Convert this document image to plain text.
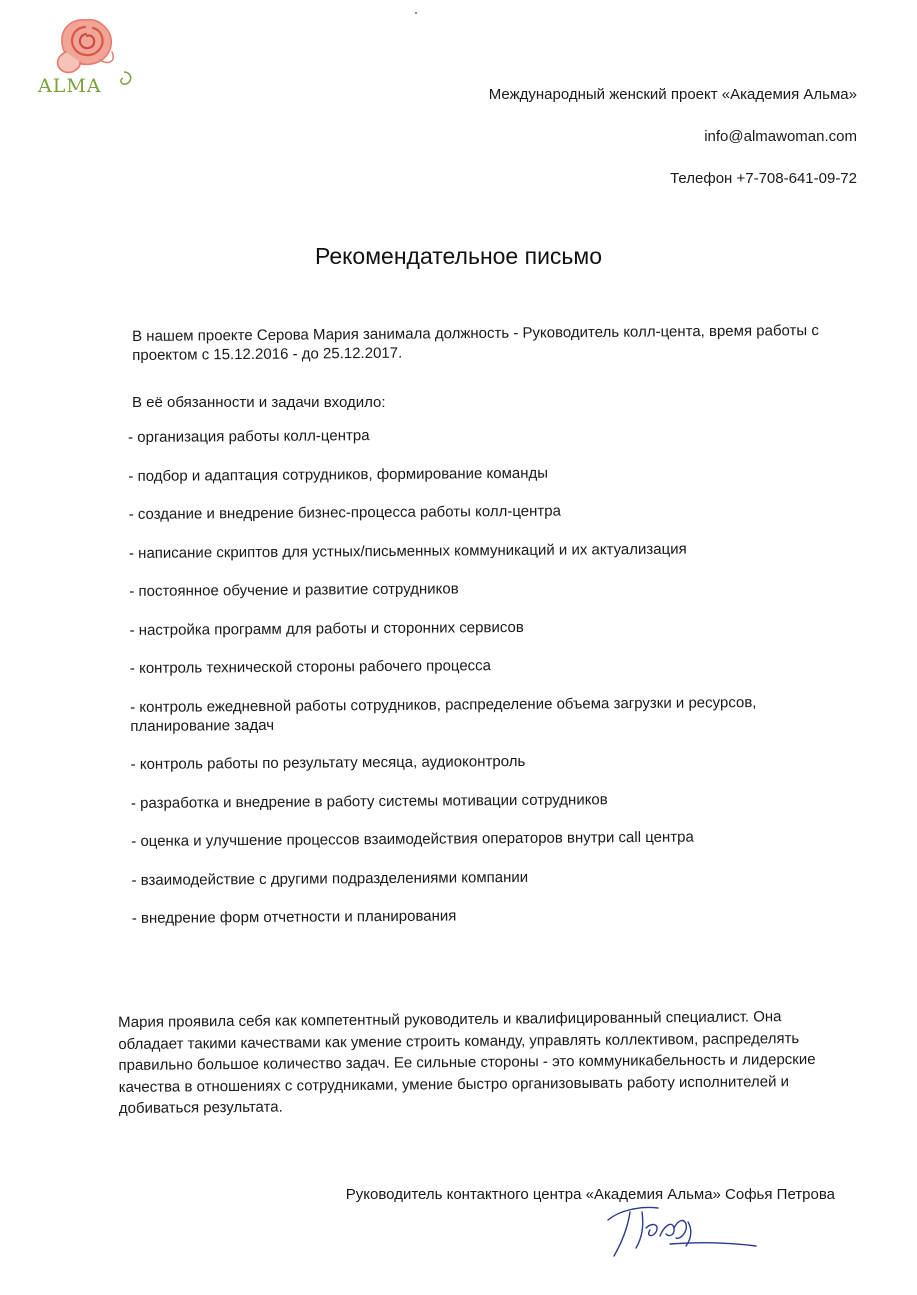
ALMA	Международный женский проект «Академия Альма»
info@almawoman.com
Телефон +7-708-641-09-72
Рекомендательное письмо
В нашем проекте Серова Мария занимала должность - Руководитель колл-цента, время работы с проектом с 15.12.2016 - до 25.12.2017.
В её обязанности и задачи входило:
- организация работы колл-центра
- подбор и адаптация сотрудников, формирование команды
- создание и внедрение бизнес-процесса работы колл-центра
- написание скриптов для устных/письменных коммуникаций и их актуализация
- постоянное обучение и развитие сотрудников
- настройка программ для работы и сторонних сервисов
- контроль технической стороны рабочего процесса
- контроль ежедневной работы сотрудников, распределение объема загрузки и ресурсов, планирование задач
- контроль работы по результату месяца, аудиоконтроль
- разработка и внедрение в работу системы мотивации сотрудников
- оценка и улучшение процессов взаимодействия операторов внутри call центра
- взаимодействие с другими подразделениями компании
- внедрение форм отчетности и планирования
Мария проявила себя как компетентный руководитель и квалифицированный специалист. Она обладает такими качествами как умение строить команду, управлять коллективом, распределять правильно большое количество задач. Ее сильные стороны - это коммуникабельность и лидерские качества в отношениях с сотрудниками, умение быстро организовывать работу исполнителей и добиваться результата.
Руководитель контактного центра «Академия Альма» Софья Петрова
